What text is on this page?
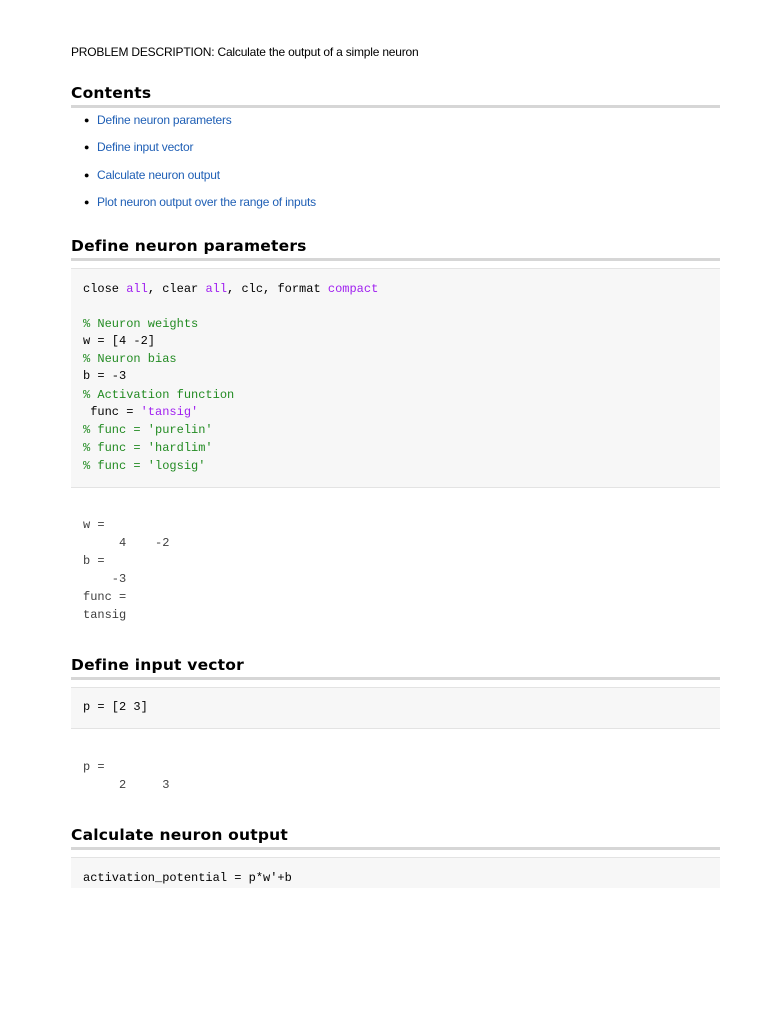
PROBLEM DESCRIPTION: Calculate the output of a simple neuron
Contents
● Define neuron parameters
● Define input vector
● Calculate neuron output
● Plot neuron output over the range of inputs
Define neuron parameters
close all, clear all, clc, format compact
% Neuron weights
w = [4 -2]
% Neuron bias
b = -3
% Activation function
func = 'tansig'
% func = 'purelin'
% func = 'hardlim'
% func = 'logsig'
w =
4    -2
b =
-3
func =
tansig
Define input vector
p = [2 3]
p =
2     3
Calculate neuron output
activation_potential = p*w'+b
